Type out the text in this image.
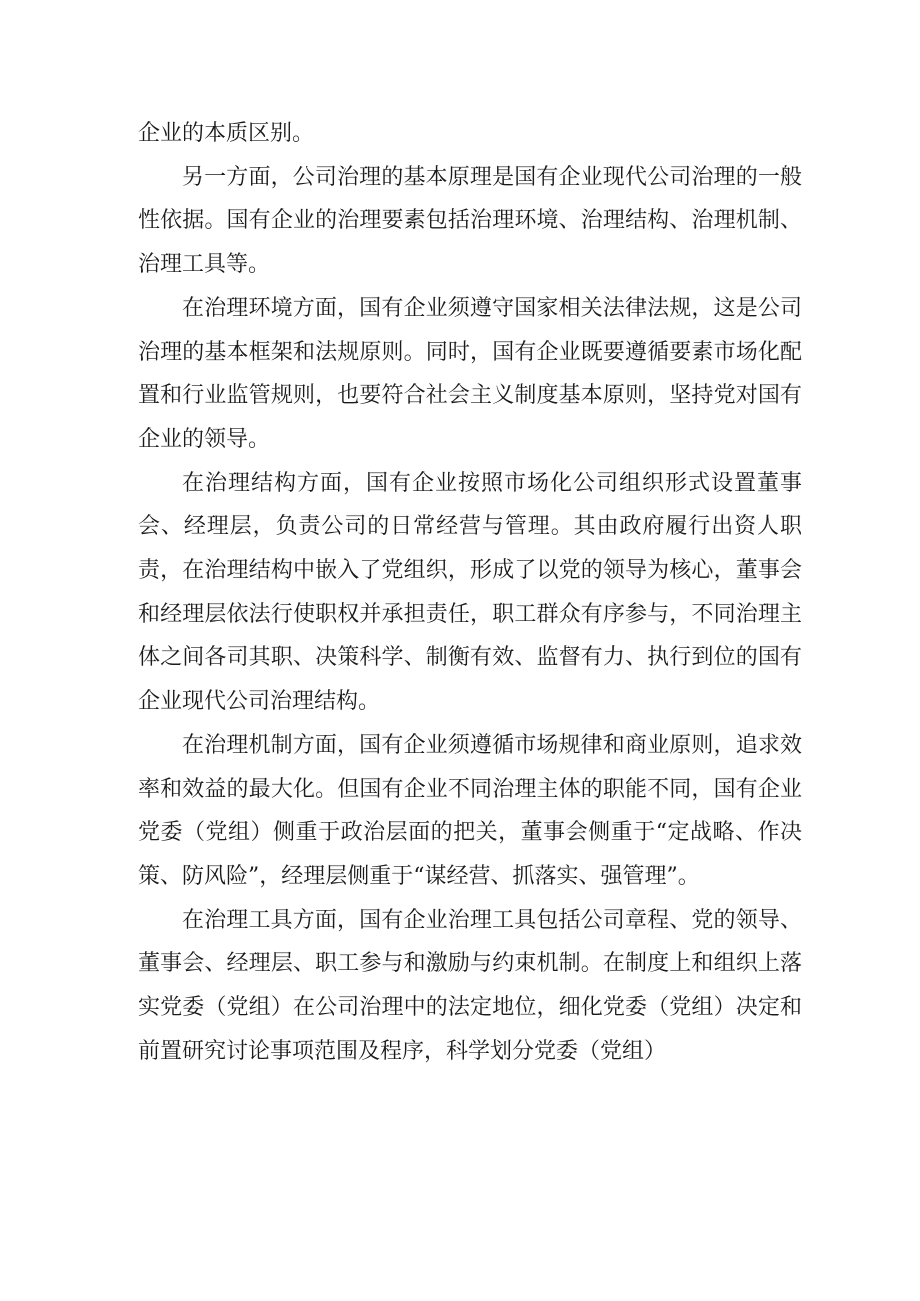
企业的本质区别。

另一方面，公司治理的基本原理是国有企业现代公司治理的一般性依据。国有企业的治理要素包括治理环境、治理结构、治理机制、治理工具等。

在治理环境方面，国有企业须遵守国家相关法律法规，这是公司治理的基本框架和法规原则。同时，国有企业既要遵循要素市场化配置和行业监管规则，也要符合社会主义制度基本原则，坚持党对国有企业的领导。

在治理结构方面，国有企业按照市场化公司组织形式设置董事会、经理层，负责公司的日常经营与管理。其由政府履行出资人职责，在治理结构中嵌入了党组织，形成了以党的领导为核心，董事会和经理层依法行使职权并承担责任，职工群众有序参与，不同治理主体之间各司其职、决策科学、制衡有效、监督有力、执行到位的国有企业现代公司治理结构。

在治理机制方面，国有企业须遵循市场规律和商业原则，追求效率和效益的最大化。但国有企业不同治理主体的职能不同，国有企业党委（党组）侧重于政治层面的把关，董事会侧重于“定战略、作决策、防风险”，经理层侧重于“谋经营、抓落实、强管理”。

在治理工具方面，国有企业治理工具包括公司章程、党的领导、董事会、经理层、职工参与和激励与约束机制。在制度上和组织上落实党委（党组）在公司治理中的法定地位，细化党委（党组）决定和前置研究讨论事项范围及程序，科学划分党委（党组）
